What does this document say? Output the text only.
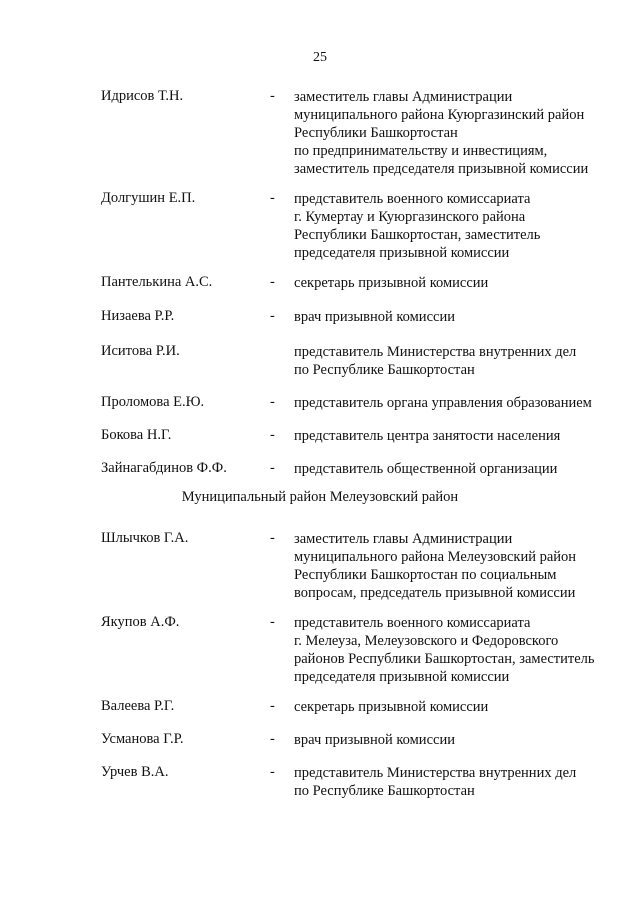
25
Идрисов Т.Н.	- заместитель главы Администрации
муниципального района Куюргазинский район
Республики Башкортостан
по предпринимательству и инвестициям,
заместитель председателя призывной комиссии
Долгушин Е.П.	- представитель военного комиссариата
г. Кумертау и Куюргазинского района
Республики Башкортостан, заместитель
председателя призывной комиссии
Пантелькина А.С.	- секретарь призывной комиссии
Низаева Р.Р.	- врач призывной комиссии
Иситова Р.И.	представитель Министерства внутренних дел
по Республике Башкортостан
Проломова Е.Ю.	- представитель органа управления образованием
Бокова Н.Г.	- представитель центра занятости населения
Зайнагабдинов Ф.Ф.	- представитель общественной организации
Муниципальный район Мелеузовский район
Шлычков Г.А.	- заместитель главы Администрации
муниципального района Мелеузовский район
Республики Башкортостан по социальным
вопросам, председатель призывной комиссии
Якупов А.Ф.	- представитель военного комиссариата
г. Мелеуза, Мелеузовского и Федоровского
районов Республики Башкортостан, заместитель
председателя призывной комиссии
Валеева Р.Г.	- секретарь призывной комиссии
Усманова Г.Р.	- врач призывной комиссии
Урчев В.А.	- представитель Министерства внутренних дел
по Республике Башкортостан
